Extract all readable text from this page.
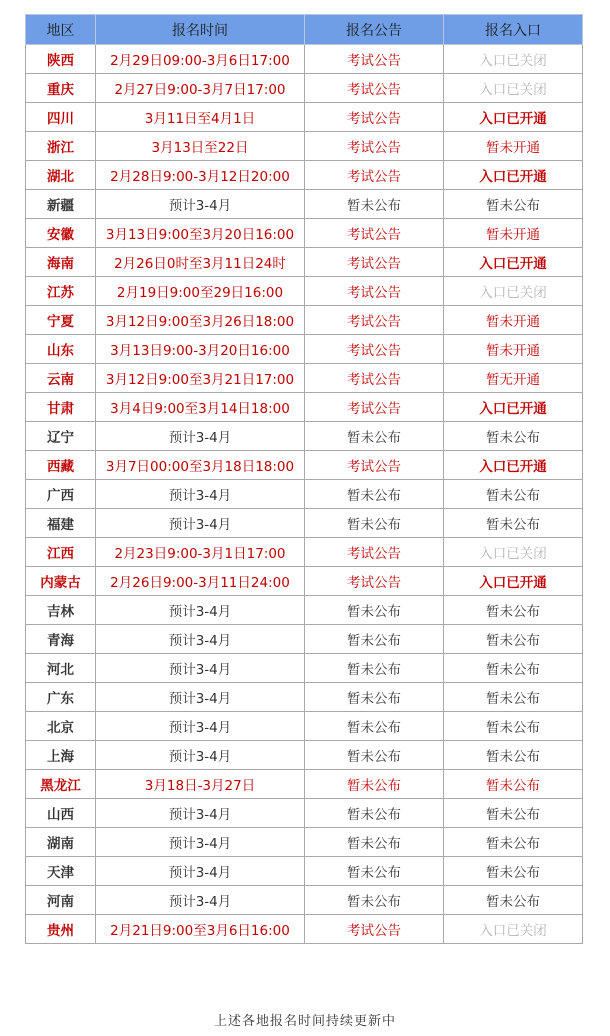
地区	报名时间	报名公告	报名入口
陕西	2月29日09:00-3月6日17:00	考试公告	入口已关闭
重庆	2月27日9:00-3月7日17:00	考试公告	入口已关闭
四川	3月11日至4月1日	考试公告	入口已开通
浙江	3月13日至22日	考试公告	暂未开通
湖北	2月28日9:00-3月12日20:00	考试公告	入口已开通
新疆	预计3-4月	暂未公布	暂未公布
安徽	3月13日9:00至3月20日16:00	考试公告	暂未开通
海南	2月26日0时至3月11日24时	考试公告	入口已开通
江苏	2月19日9:00至29日16:00	考试公告	入口已关闭
宁夏	3月12日9:00至3月26日18:00	考试公告	暂未开通
山东	3月13日9:00-3月20日16:00	考试公告	暂未开通
云南	3月12日9:00至3月21日17:00	考试公告	暂无开通
甘肃	3月4日9:00至3月14日18:00	考试公告	入口已开通
辽宁	预计3-4月	暂未公布	暂未公布
西藏	3月7日00:00至3月18日18:00	考试公告	入口已开通
广西	预计3-4月	暂未公布	暂未公布
福建	预计3-4月	暂未公布	暂未公布
江西	2月23日9:00-3月1日17:00	考试公告	入口已关闭
内蒙古	2月26日9:00-3月11日24:00	考试公告	入口已开通
吉林	预计3-4月	暂未公布	暂未公布
青海	预计3-4月	暂未公布	暂未公布
河北	预计3-4月	暂未公布	暂未公布
广东	预计3-4月	暂未公布	暂未公布
北京	预计3-4月	暂未公布	暂未公布
上海	预计3-4月	暂未公布	暂未公布
黑龙江	3月18日-3月27日	暂未公布	暂未公布
山西	预计3-4月	暂未公布	暂未公布
湖南	预计3-4月	暂未公布	暂未公布
天津	预计3-4月	暂未公布	暂未公布
河南	预计3-4月	暂未公布	暂未公布
贵州	2月21日9:00至3月6日16:00	考试公告	入口已关闭
上述各地报名时间持续更新中
